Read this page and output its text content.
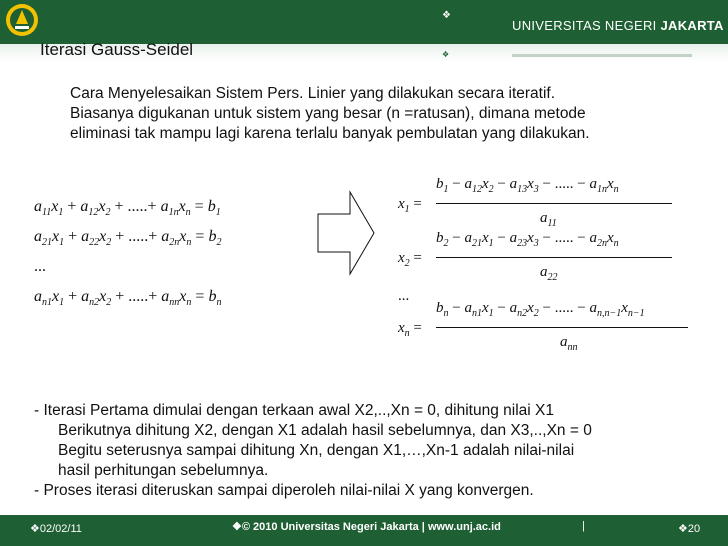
❖
UNIVERSITAS NEGERI JAKARTA
❖
Iterasi Gauss-Seidel
Cara Menyelesaikan Sistem Pers. Linier yang dilakukan secara iteratif.
Biasanya digukanan untuk sistem yang besar (n =ratusan), dimana metode
eliminasi tak mampu lagi karena terlalu banyak pembulatan yang dilakukan.
$a_{11}x_1 + a_{12}x_2$ + .....+ $a_{1n}x_n = b_1$
$a_{21}x_1 + a_{22}x_2$ + .....+ $a_{2n}x_n = b_2$
...
$a_{n1}x_1 + a_{n2}x_2$ + .....+ $a_{nn}x_n = b_n$
$x_1$ =
$b_1 - a_{12}x_2 - a_{13}x_3$ − ..... − $a_{1n}x_n$
$a_{11}$
$x_2$ =
$b_2 - a_{21}x_1 - a_{23}x_3$ − ..... − $a_{2n}x_n$
$a_{22}$
...
$x_n$ =
$b_n - a_{n1}x_1 - a_{n2}x_2$ − ..... − $a_{n,n-1}x_{n-1}$
$a_{nn}$
- Iterasi Pertama dimulai dengan terkaan awal X2,..,Xn = 0, dihitung nilai X1
Berikutnya dihitung X2, dengan X1 adalah hasil sebelumnya, dan X3,..,Xn = 0
Begitu seterusnya sampai dihitung Xn, dengan X1,…,Xn-1 adalah nilai-nilai
hasil perhitungan sebelumnya.
- Proses iterasi diteruskan sampai diperoleh nilai-nilai X yang konvergen.
❖02/02/11	❖© 2010 Universitas Negeri Jakarta | www.unj.ac.id	|	❖20
